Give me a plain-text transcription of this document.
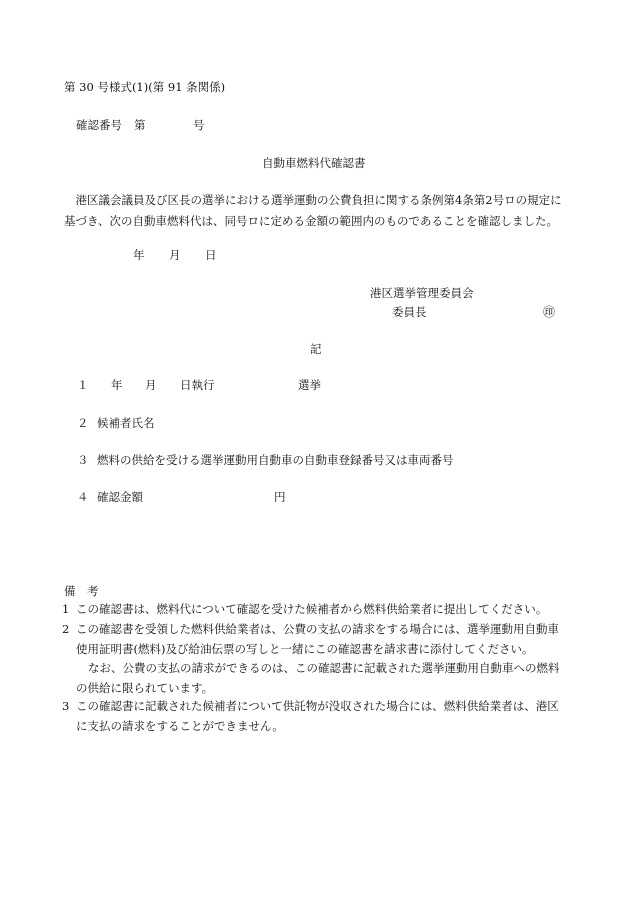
第 30 号様式(1)(第 91 条関係)
確認番号 第	号
自動車燃料代確認書
港区議会議員及び区長の選挙における選挙運動の公費負担に関する条例第4条第2号ロの規定に基づき、次の自動車燃料代は、同号ロに定める金額の範囲内のものであることを確認しました。
年 月 日
港区選挙管理委員会
委員長	㊞
記
１ 年 月 日執行	選挙
２ 候補者氏名
３ 燃料の供給を受ける選挙運動用自動車の自動車登録番号又は車両番号
４ 確認金額	円
備　考
1 この確認書は、燃料代について確認を受けた候補者から燃料供給業者に提出してください。
2 この確認書を受領した燃料供給業者は、公費の支払の請求をする場合には、選挙運動用自動車使用証明書(燃料)及び給油伝票の写しと一緒にこの確認書を請求書に添付してください。
なお、公費の支払の請求ができるのは、この確認書に記載された選挙運動用自動車への燃料の供給に限られています。
3 この確認書に記載された候補者について供託物が没収された場合には、燃料供給業者は、港区に支払の請求をすることができません。
